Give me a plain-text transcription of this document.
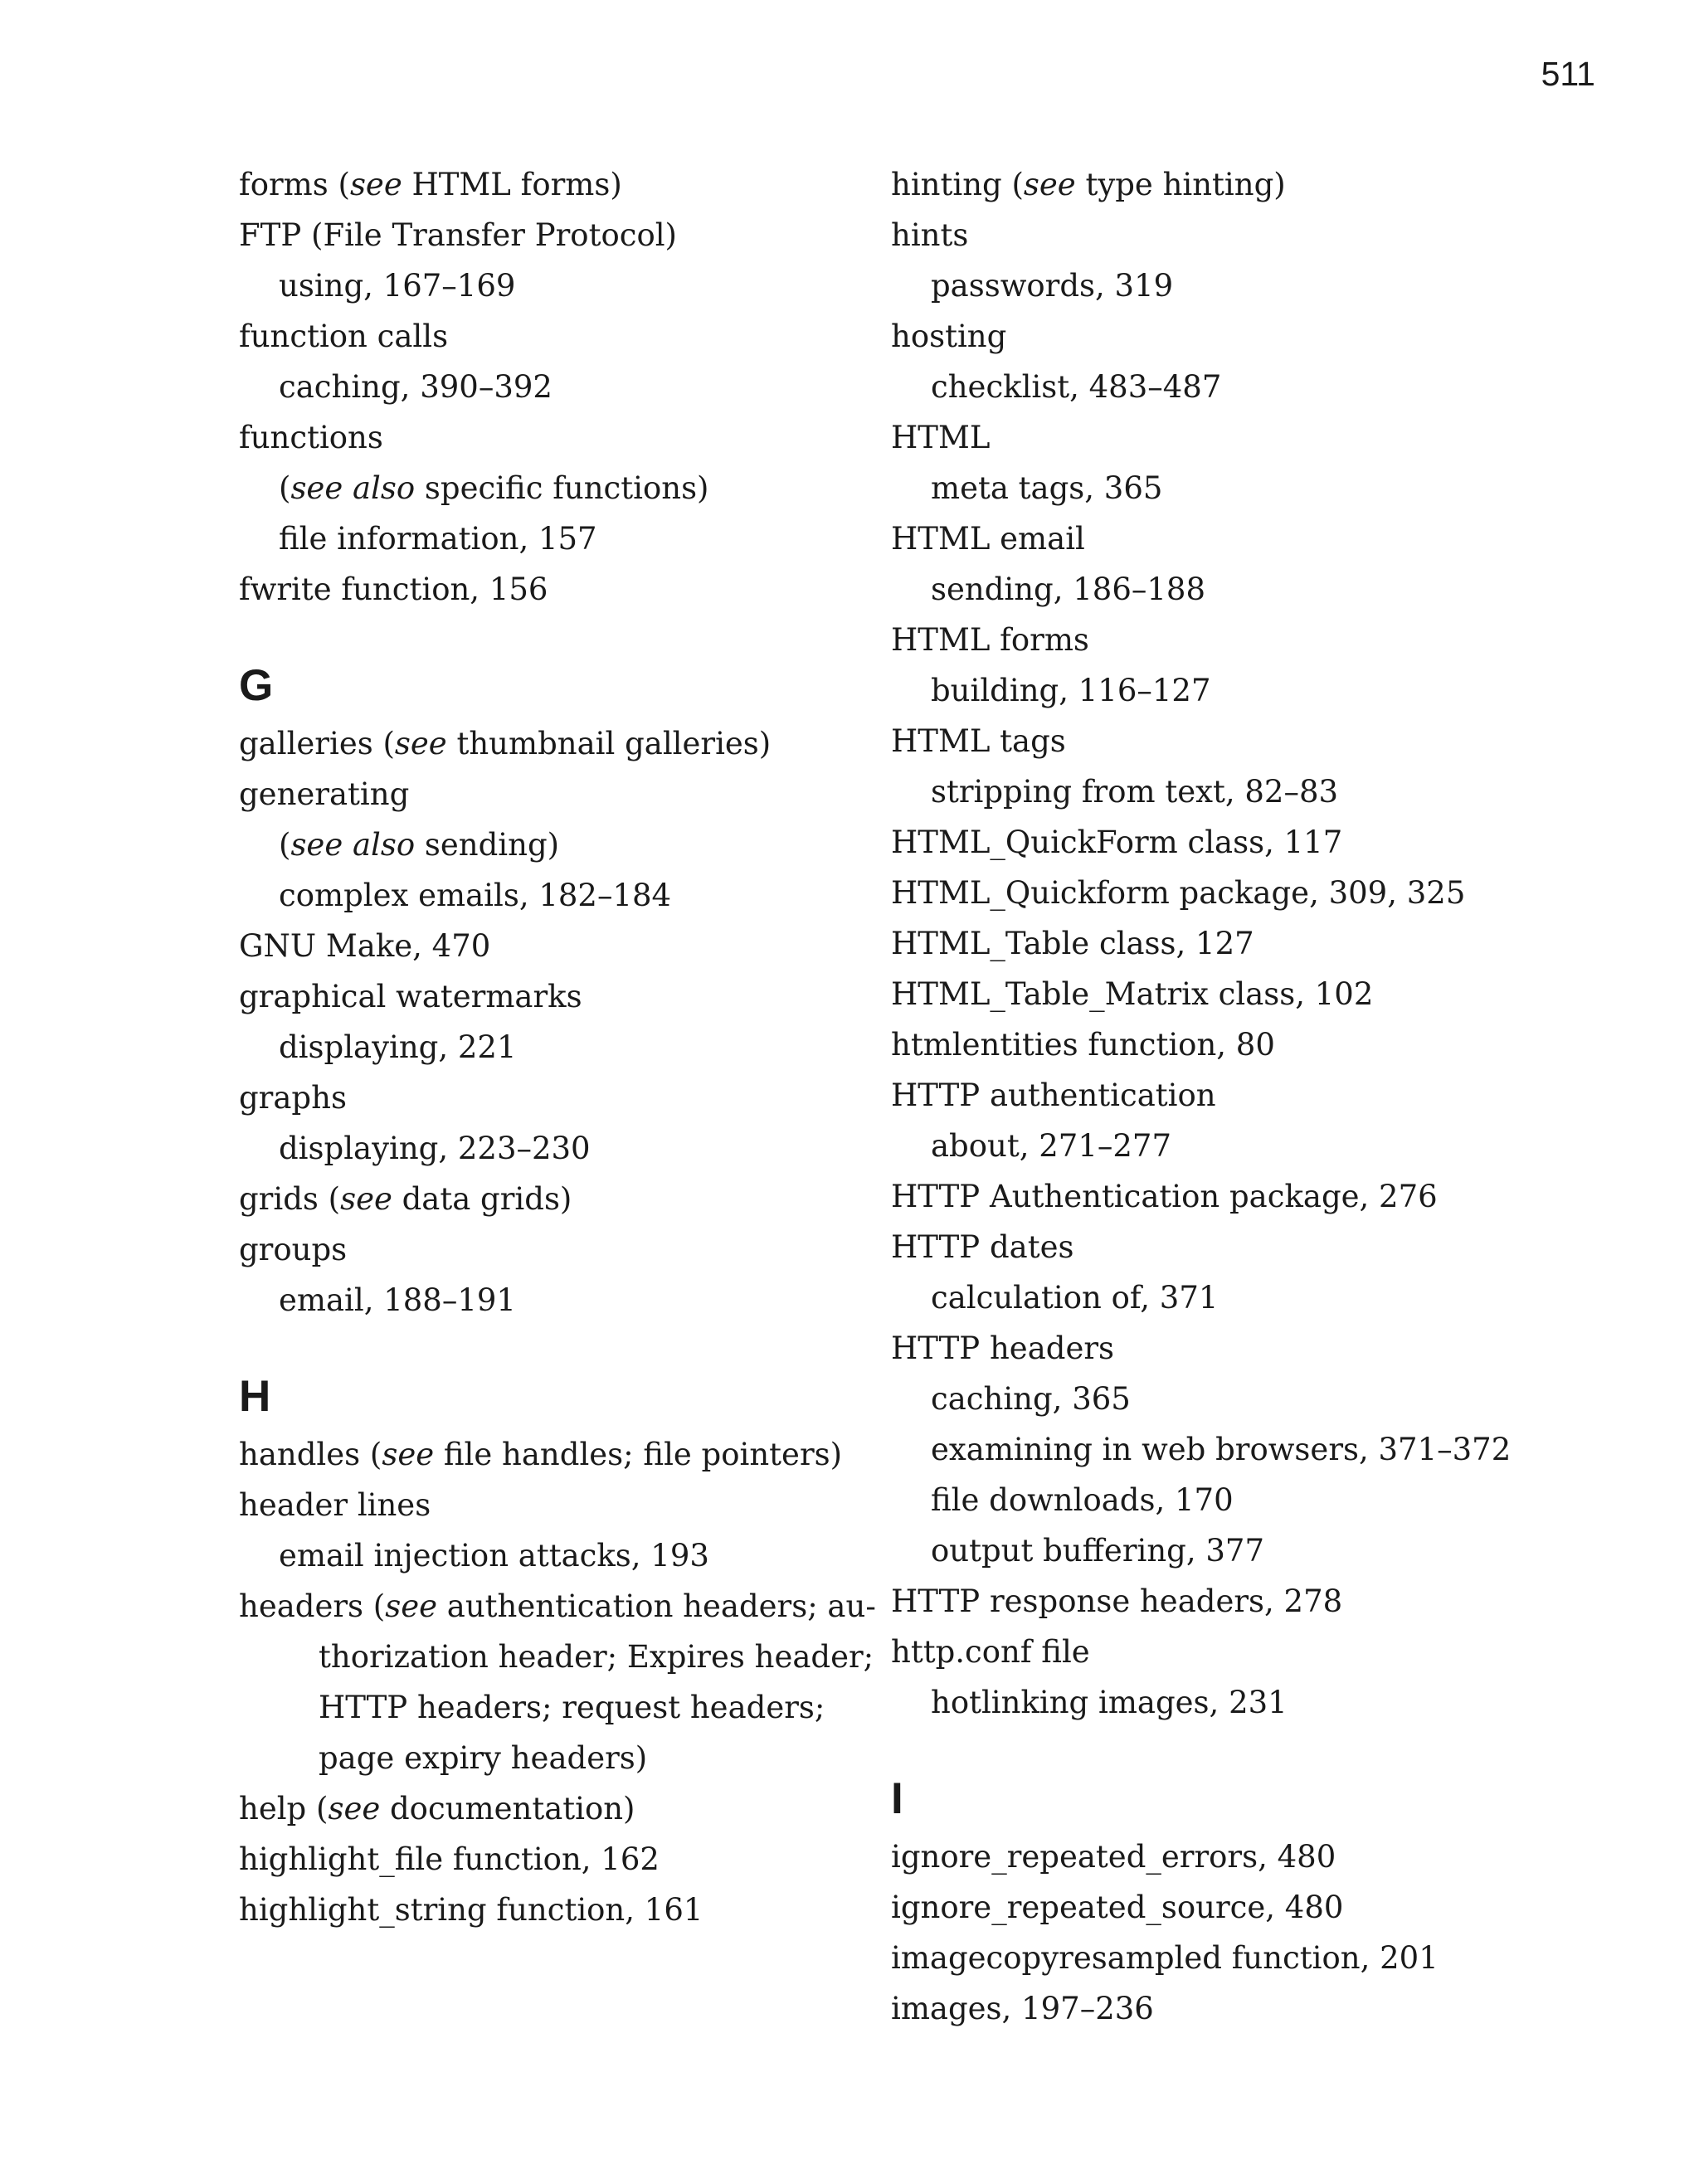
511
forms (see HTML forms)
FTP (File Transfer Protocol)
using, 167–169
function calls
caching, 390–392
functions
(see also specific functions)
file information, 157
fwrite function, 156
G
galleries (see thumbnail galleries)
generating
(see also sending)
complex emails, 182–184
GNU Make, 470
graphical watermarks
displaying, 221
graphs
displaying, 223–230
grids (see data grids)
groups
email, 188–191
H
handles (see file handles; file pointers)
header lines
email injection attacks, 193
headers (see authentication headers; au-
thorization header; Expires header;
HTTP headers; request headers;
page expiry headers)
help (see documentation)
highlight_file function, 162
highlight_string function, 161
hinting (see type hinting)
hints
passwords, 319
hosting
checklist, 483–487
HTML
meta tags, 365
HTML email
sending, 186–188
HTML forms
building, 116–127
HTML tags
stripping from text, 82–83
HTML_QuickForm class, 117
HTML_Quickform package, 309, 325
HTML_Table class, 127
HTML_Table_Matrix class, 102
htmlentities function, 80
HTTP authentication
about, 271–277
HTTP Authentication package, 276
HTTP dates
calculation of, 371
HTTP headers
caching, 365
examining in web browsers, 371–372
file downloads, 170
output buffering, 377
HTTP response headers, 278
http.conf file
hotlinking images, 231
I
ignore_repeated_errors, 480
ignore_repeated_source, 480
imagecopyresampled function, 201
images, 197–236
